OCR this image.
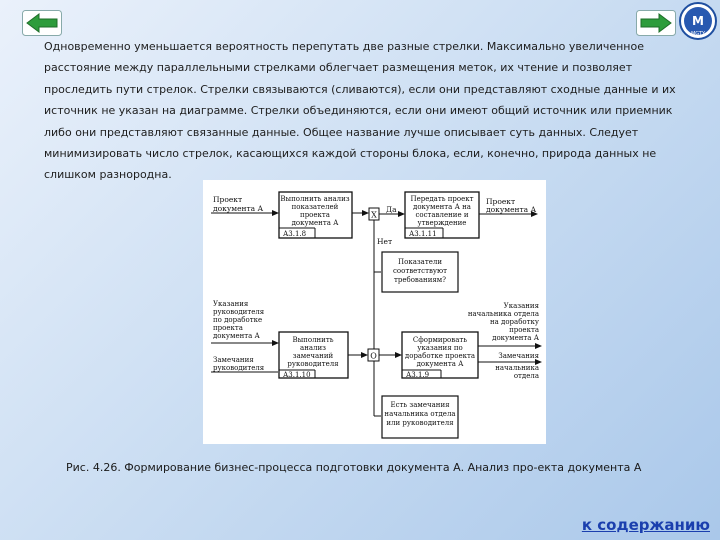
M
MGTY

Одновременно уменьшается вероятность перепутать две разные стрелки. Максимально увеличенное расстояние между параллельными стрелками облегчает размещения меток, их чтение и позволяет проследить пути стрелок. Стрелки связываются (сливаются), если они представляют сходные данные и их источник не указан на диаграмме. Стрелки объединяются, если они имеют общий источник или приемник либо они представляют связанные данные. Общее название лучше описывает суть данных. Следует минимизировать число стрелок, касающихся каждой стороны блока, если, конечно, природа данных не слишком разнородна.

Проект
документа А
Выполнить анализ
показателей
проекта
документа А
А3.1.8
X
Да
Передать проект
документа А на
составление и
утверждение
А3.1.11
Проект
документа А
Нет
Показатели
соответствуют
требованиям?
Указания
руководителя
по доработке
проекта
документа А
Замечания
руководителя
Выполнить
анализ
замечаний
руководителя
А3.1.10
O
Сформировать
указания по
доработке проекта
документа А
А3.1.9
Указания
начальника отдела
на доработку
проекта
документа А
Замечания
начальника
отдела
Есть замечания
начальника отдела
или руководителя
Рис. 4.26. Формирование бизнес-процесса подготовки документа А. Анализ про-екта документа А
к содержанию
